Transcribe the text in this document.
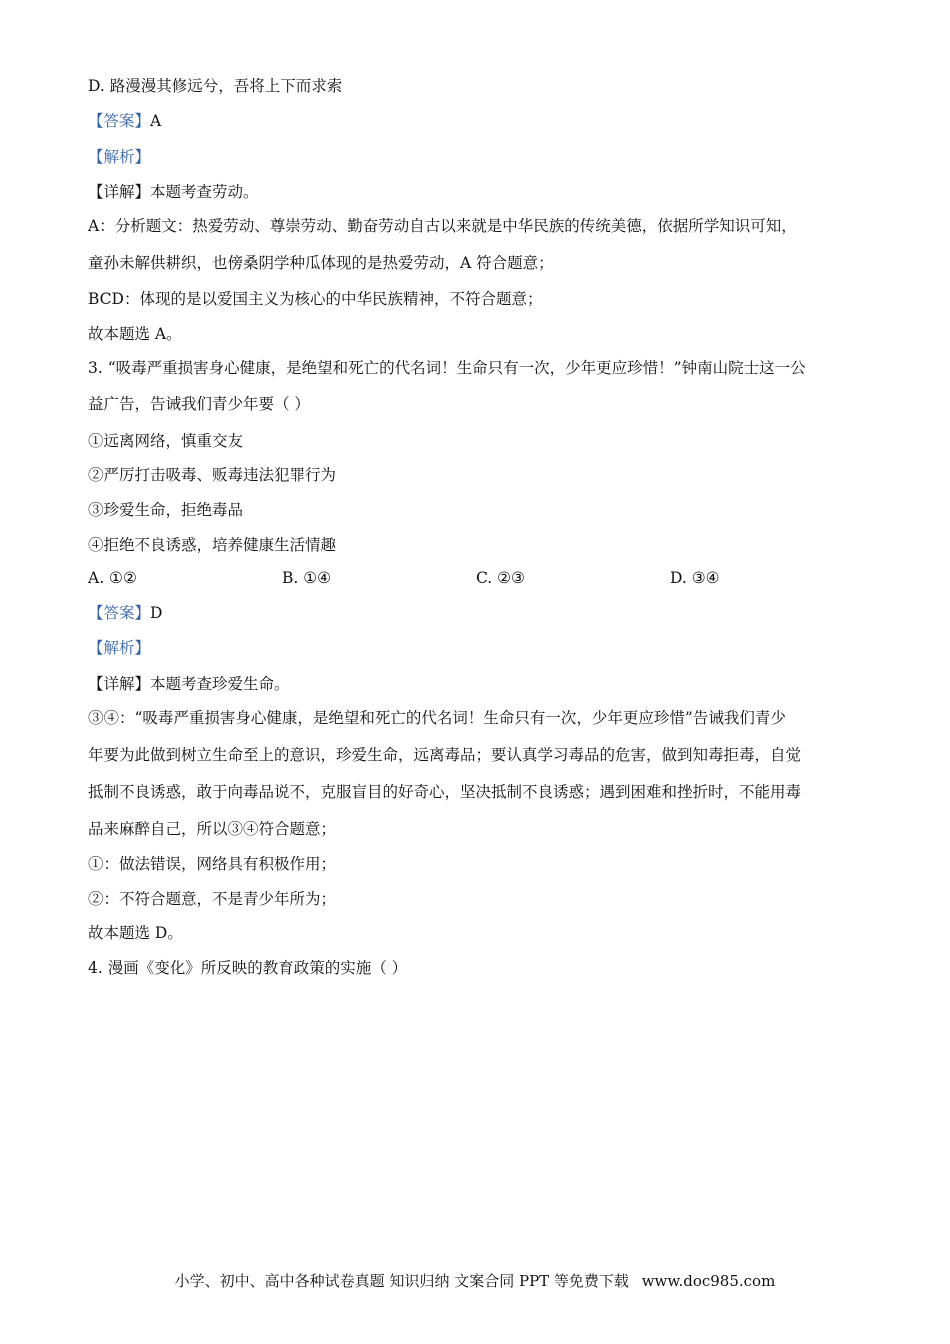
D. 路漫漫其修远兮，吾将上下而求索
【答案】A
【解析】
【详解】本题考查劳动。
A：分析题文：热爱劳动、尊崇劳动、勤奋劳动自古以来就是中华民族的传统美德，依据所学知识可知，
童孙未解供耕织，也傍桑阴学种瓜体现的是热爱劳动，A 符合题意；
BCD：体现的是以爱国主义为核心的中华民族精神，不符合题意；
故本题选 A。
3. “吸毒严重损害身心健康，是绝望和死亡的代名词！生命只有一次，少年更应珍惜！”钟南山院士这一公
益广告，告诫我们青少年要（ ）
①远离网络，慎重交友
②严厉打击吸毒、贩毒违法犯罪行为
③珍爱生命，拒绝毒品
④拒绝不良诱惑，培养健康生活情趣
A. ①②	B. ①④	C. ②③	D. ③④
【答案】D
【解析】
【详解】本题考查珍爱生命。
③④：“吸毒严重损害身心健康，是绝望和死亡的代名词！生命只有一次，少年更应珍惜”告诫我们青少
年要为此做到树立生命至上的意识，珍爱生命，远离毒品；要认真学习毒品的危害，做到知毒拒毒，自觉
抵制不良诱惑，敢于向毒品说不，克服盲目的好奇心，坚决抵制不良诱惑；遇到困难和挫折时，不能用毒
品来麻醉自己，所以③④符合题意；
①：做法错误，网络具有积极作用；
②：不符合题意，不是青少年所为；
故本题选 D。
4. 漫画《变化》所反映的教育政策的实施（ ）
小学、初中、高中各种试卷真题 知识归纳 文案合同 PPT 等免费下载 www.doc985.com
